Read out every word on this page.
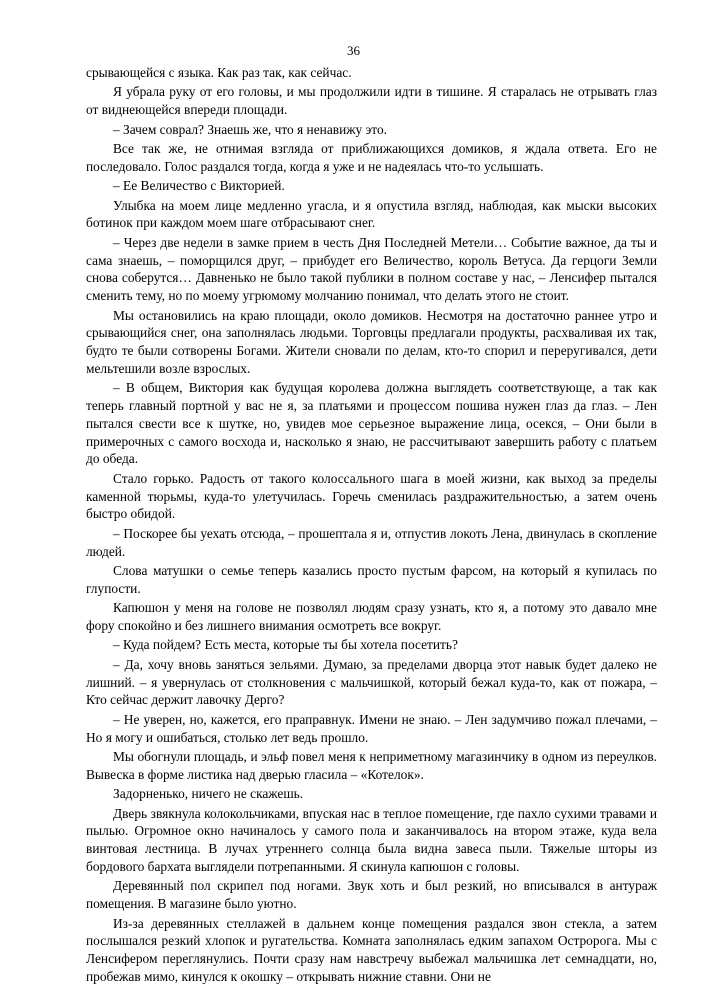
36

срывающейся с языка. Как раз так, как сейчас.

Я убрала руку от его головы, и мы продолжили идти в тишине. Я старалась не отрывать глаз от виднеющейся впереди площади.

– Зачем соврал? Знаешь же, что я ненавижу это.

Все так же, не отнимая взгляда от приближающихся домиков, я ждала ответа. Его не последовало. Голос раздался тогда, когда я уже и не надеялась что-то услышать.

– Ее Величество с Викторией.

Улыбка на моем лице медленно угасла, и я опустила взгляд, наблюдая, как мыски высоких ботинок при каждом моем шаге отбрасывают снег.

– Через две недели в замке прием в честь Дня Последней Метели… Событие важное, да ты и сама знаешь, – поморщился друг, – прибудет его Величество, король Ветуса. Да герцоги Земли снова соберутся… Давненько не было такой публики в полном составе у нас, – Ленсифер пытался сменить тему, но по моему угрюмому молчанию понимал, что делать этого не стоит.

Мы остановились на краю площади, около домиков. Несмотря на достаточно раннее утро и срывающийся снег, она заполнялась людьми. Торговцы предлагали продукты, расхваливая их так, будто те были сотворены Богами. Жители сновали по делам, кто-то спорил и переругивался, дети мельтешили возле взрослых.

– В общем, Виктория как будущая королева должна выглядеть соответствующе, а так как теперь главный портной у вас не я, за платьями и процессом пошива нужен глаз да глаз. – Лен пытался свести все к шутке, но, увидев мое серьезное выражение лица, осекся, – Они были в примерочных с самого восхода и, насколько я знаю, не рассчитывают завершить работу с платьем до обеда.

Стало горько. Радость от такого колоссального шага в моей жизни, как выход за пределы каменной тюрьмы, куда-то улетучилась. Горечь сменилась раздражительностью, а затем очень быстро обидой.

– Поскорее бы уехать отсюда, – прошептала я и, отпустив локоть Лена, двинулась в скопление людей.

Слова матушки о семье теперь казались просто пустым фарсом, на который я купилась по глупости.

Капюшон у меня на голове не позволял людям сразу узнать, кто я, а потому это давало мне фору спокойно и без лишнего внимания осмотреть все вокруг.

– Куда пойдем? Есть места, которые ты бы хотела посетить?

– Да, хочу вновь заняться зельями. Думаю, за пределами дворца этот навык будет далеко не лишний. – я увернулась от столкновения с мальчишкой, который бежал куда-то, как от пожара, – Кто сейчас держит лавочку Дерго?

– Не уверен, но, кажется, его праправнук. Имени не знаю. – Лен задумчиво пожал плечами, – Но я могу и ошибаться, столько лет ведь прошло.

Мы обогнули площадь, и эльф повел меня к неприметному магазинчику в одном из переулков. Вывеска в форме листика над дверью гласила – «Котелок».

Задорненько, ничего не скажешь.

Дверь звякнула колокольчиками, впуская нас в теплое помещение, где пахло сухими травами и пылью. Огромное окно начиналось у самого пола и заканчивалось на втором этаже, куда вела винтовая лестница. В лучах утреннего солнца была видна завеса пыли. Тяжелые шторы из бордового бархата выглядели потрепанными. Я скинула капюшон с головы.

Деревянный пол скрипел под ногами. Звук хоть и был резкий, но вписывался в антураж помещения. В магазине было уютно.

Из-за деревянных стеллажей в дальнем конце помещения раздался звон стекла, а затем послышался резкий хлопок и ругательства. Комната заполнялась едким запахом Остророга. Мы с Ленсифером переглянулись. Почти сразу нам навстречу выбежал мальчишка лет семнадцати, но, пробежав мимо, кинулся к окошку – открывать нижние ставни. Они не
